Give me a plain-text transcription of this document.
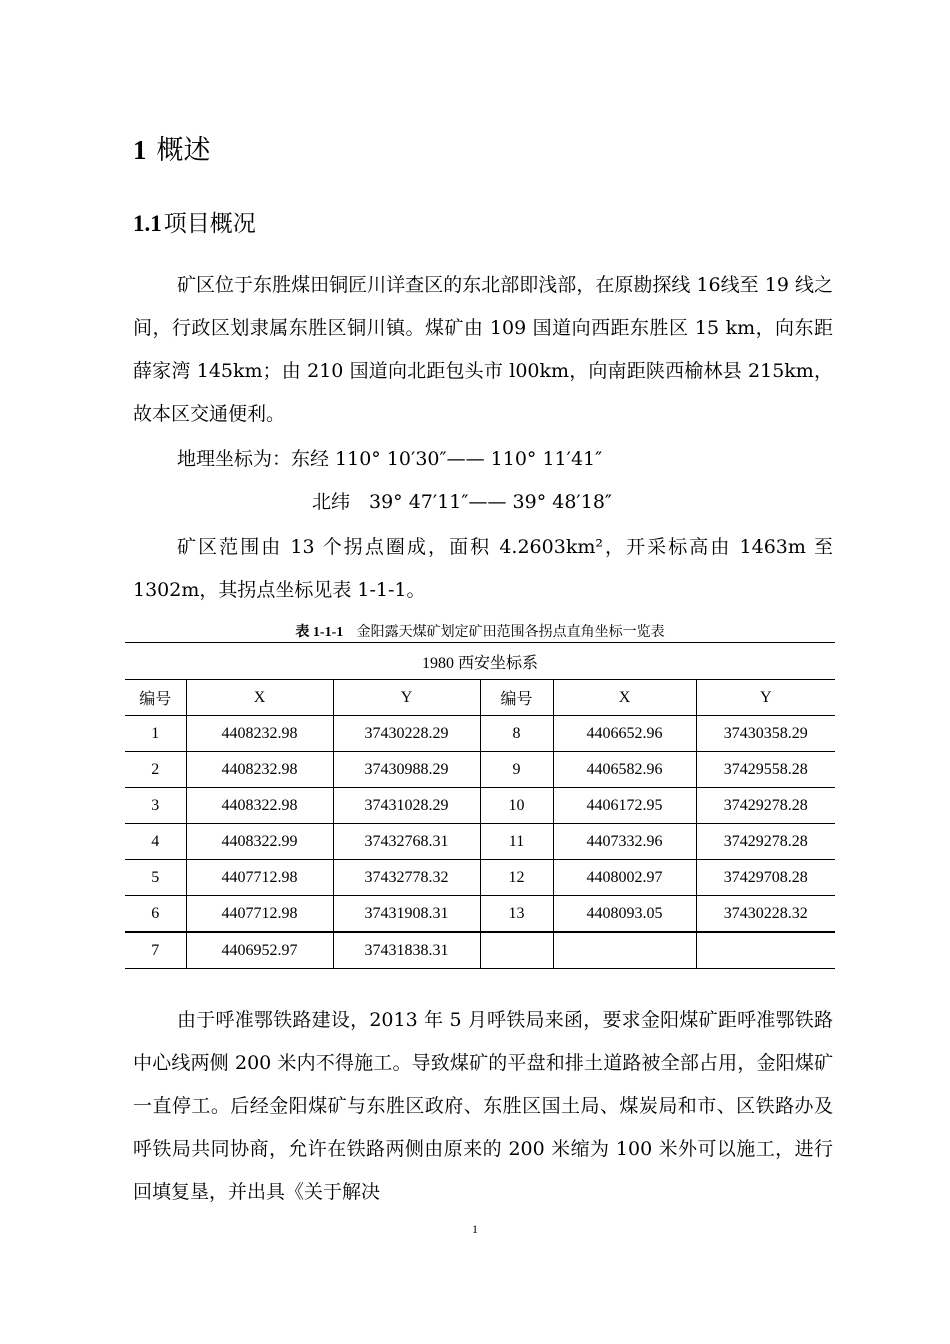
1 概述
1.1项目概况

矿区位于东胜煤田铜匠川详查区的东北部即浅部，在原勘探线 16线至 19 线之间，行政区划隶属东胜区铜川镇。煤矿由 109 国道向西距东胜区 15 km，向东距薛家湾 145km；由 210 国道向北距包头市 l00km，向南距陕西榆林县 215km，故本区交通便利。

地理坐标为：东经 110° 10′30″—— 110° 11′41″
北纬　39° 47′11″—— 39° 48′18″

矿区范围由 13 个拐点圈成，面积 4.2603km²，开采标高由 1463m 至1302m，其拐点坐标见表 1-1-1。

表 1-1-1 金阳露天煤矿划定矿田范围各拐点直角坐标一览表
1980 西安坐标系					
编号	X	Y	编号	X	Y
1	4408232.98	37430228.29	8	4406652.96	37430358.29
2	4408232.98	37430988.29	9	4406582.96	37429558.28
3	4408322.98	37431028.29	10	4406172.95	37429278.28
4	4408322.99	37432768.31	11	4407332.96	37429278.28
5	4407712.98	37432778.32	12	4408002.97	37429708.28
6	4407712.98	37431908.31	13	4408093.05	37430228.32
7	4406952.97	37431838.31			

由于呼准鄂铁路建设，2013 年 5 月呼铁局来函，要求金阳煤矿距呼准鄂铁路中心线两侧 200 米内不得施工。导致煤矿的平盘和排土道路被全部占用，金阳煤矿一直停工。后经金阳煤矿与东胜区政府、东胜区国土局、煤炭局和市、区铁路办及呼铁局共同协商，允许在铁路两侧由原来的 200 米缩为 100 米外可以施工，进行回填复垦，并出具《关于解决

1
